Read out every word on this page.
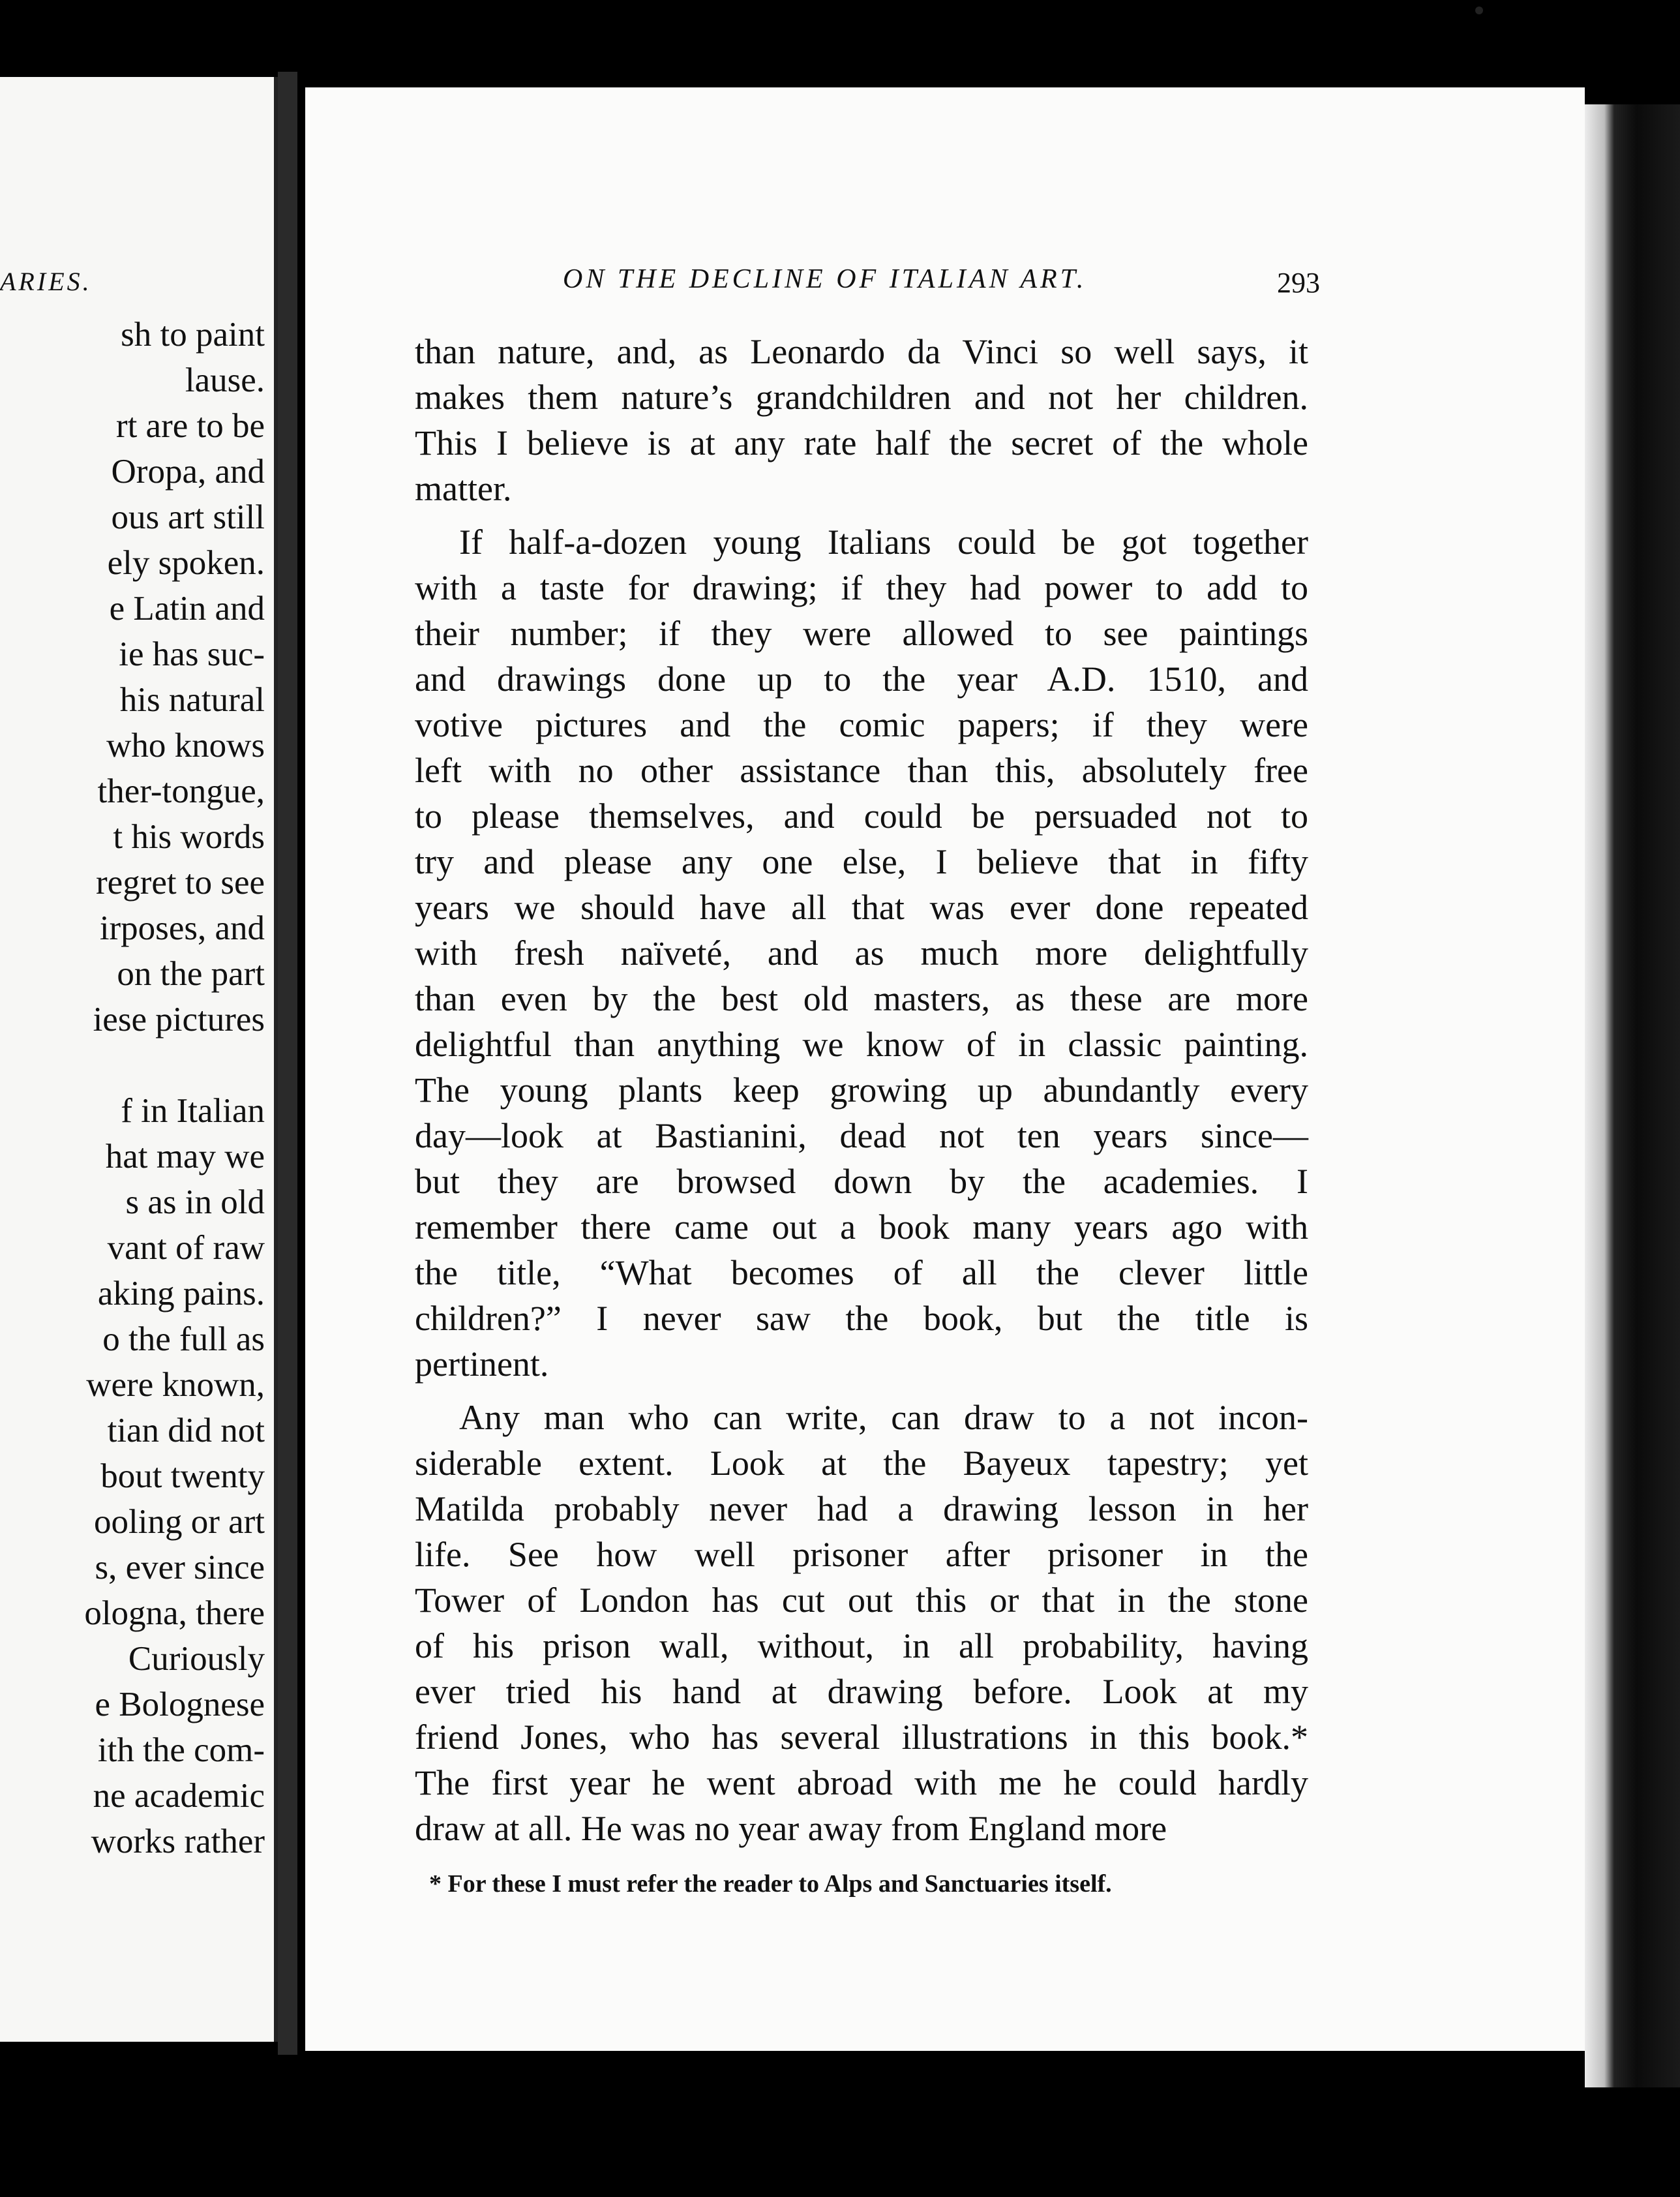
ARIES.
sh to paint
lause.
rt are to be
Oropa, and
ous art still
ely spoken.
e Latin and
ie has suc-
his natural
who knows
ther-tongue,
t his words
regret to see
irposes, and
on the part
iese pictures
f in Italian
hat may we
s as in old
vant of raw
aking pains.
o the full as
were known,
tian did not
bout twenty
ooling or art
s, ever since
ologna, there
Curiously
e Bolognese
ith the com-
ne academic
works rather
ON THE DECLINE OF ITALIAN ART.	293
than nature, and, as Leonardo da Vinci so well says, it
makes them nature’s grandchildren and not her children.
This I believe is at any rate half the secret of the whole
matter.
If half-a-dozen young Italians could be got together
with a taste for drawing; if they had power to add to
their number; if they were allowed to see paintings
and drawings done up to the year A.D. 1510, and
votive pictures and the comic papers; if they were
left with no other assistance than this, absolutely free
to please themselves, and could be persuaded not to
try and please any one else, I believe that in fifty
years we should have all that was ever done repeated
with fresh naïveté, and as much more delightfully
than even by the best old masters, as these are more
delightful than anything we know of in classic painting.
The young plants keep growing up abundantly every
day—look at Bastianini, dead not ten years since—
but they are browsed down by the academies. I
remember there came out a book many years ago with
the title, “What becomes of all the clever little
children?” I never saw the book, but the title is
pertinent.
Any man who can write, can draw to a not incon-
siderable extent. Look at the Bayeux tapestry; yet
Matilda probably never had a drawing lesson in her
life. See how well prisoner after prisoner in the
Tower of London has cut out this or that in the stone
of his prison wall, without, in all probability, having
ever tried his hand at drawing before. Look at my
friend Jones, who has several illustrations in this book.*
The first year he went abroad with me he could hardly
draw at all. He was no year away from England more
* For these I must refer the reader to Alps and Sanctuaries itself.
